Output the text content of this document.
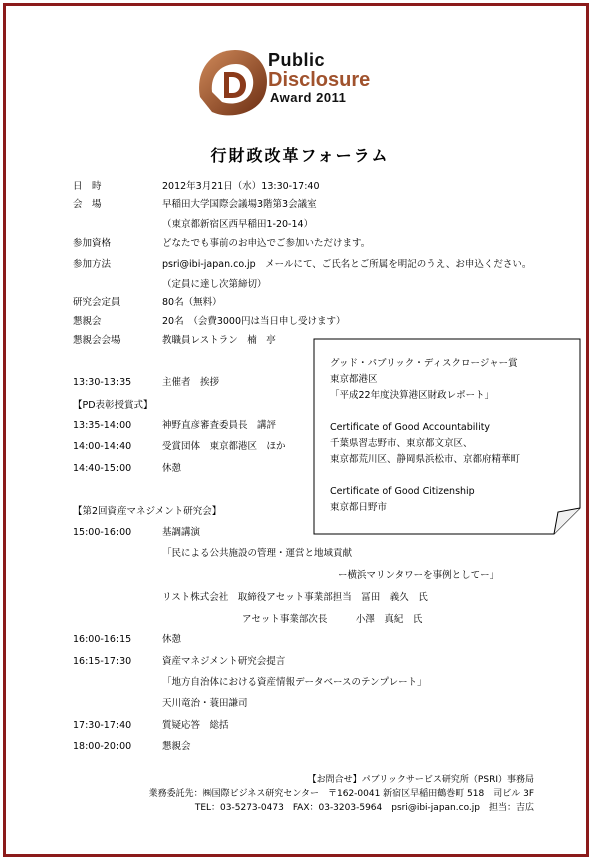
Public
Disclosure
Award 2011
行財政改革フォーラム
日　時	2012年3月21日（水）13:30-17:40
会　場	早稲田大学国際会議場3階第3会議室
（東京都新宿区西早稲田1-20-14）
参加資格	どなたでも事前のお申込でご参加いただけます。
参加方法	psri@ibi-japan.co.jp　メールにて、ご氏名とご所属を明記のうえ、お申込ください。
（定員に達し次第締切）
研究会定員	80名（無料）
懇親会	20名　（会費3000円は当日申し受けます）
懇親会会場	教職員レストラン　楠　亭
13:30-13:35	主催者　挨拶
【PD表彰授賞式】
13:35-14:00	神野直彦審査委員長　講評
14:00-14:40	受賞団体　東京都港区　ほか
14:40-15:00	休憩
【第2回資産マネジメント研究会】
15:00-16:00	基調講演
「民による公共施設の管理・運営と地域貢献
ー横浜マリンタワーを事例としてー」
リスト株式会社　取締役アセット事業部担当　冨田　義久　氏
アセット事業部次長　　　小澤　真紀　氏
16:00-16:15	休憩
16:15-17:30	資産マネジメント研究会提言
「地方自治体における資産情報データベースのテンプレート」
天川竜治・蓑田謙司
17:30-17:40	質疑応答　総括
18:00-20:00	懇親会
グッド・パブリック・ディスクロージャー賞
東京都港区
「平成22年度決算港区財政レポート」
Certificate of Good Accountability
千葉県習志野市、東京都文京区、
東京都荒川区、静岡県浜松市、京都府精華町
Certificate of Good Citizenship
東京都日野市
【お問合せ】パブリックサービス研究所（PSRI）事務局
業務委託先：㈱国際ビジネス研究センター　〒162-0041 新宿区早稲田鶴巻町 518　司ビル 3F
TEL：03-5273-0473　FAX：03-3203-5964　psri@ibi-japan.co.jp　担当：吉広
